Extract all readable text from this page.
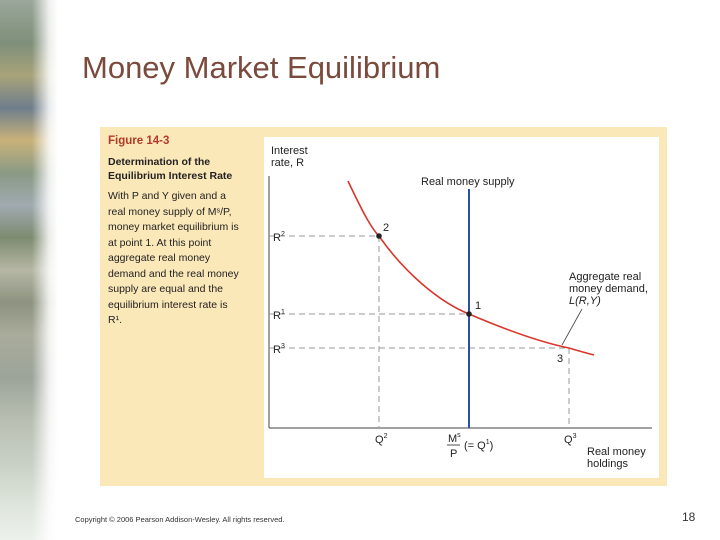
Money Market Equilibrium
Figure 14-3
Determination of the
Equilibrium Interest Rate
With P and Y given and a
real money supply of Mˢ/P,
money market equilibrium is
at point 1. At this point
aggregate real money
demand and the real money
supply are equal and the
equilibrium interest rate is
R¹.
Interest
rate, R
Real money
holdings
Real money supply
Aggregate real
money demand,
L(R,Y)
2
1
3
$R^2$
$R^1$
$R^3$
$Q^2$	$Q^3$
$M^s$
P
(= $Q^1$)
Copyright © 2006 Pearson Addison-Wesley. All rights reserved.	18
